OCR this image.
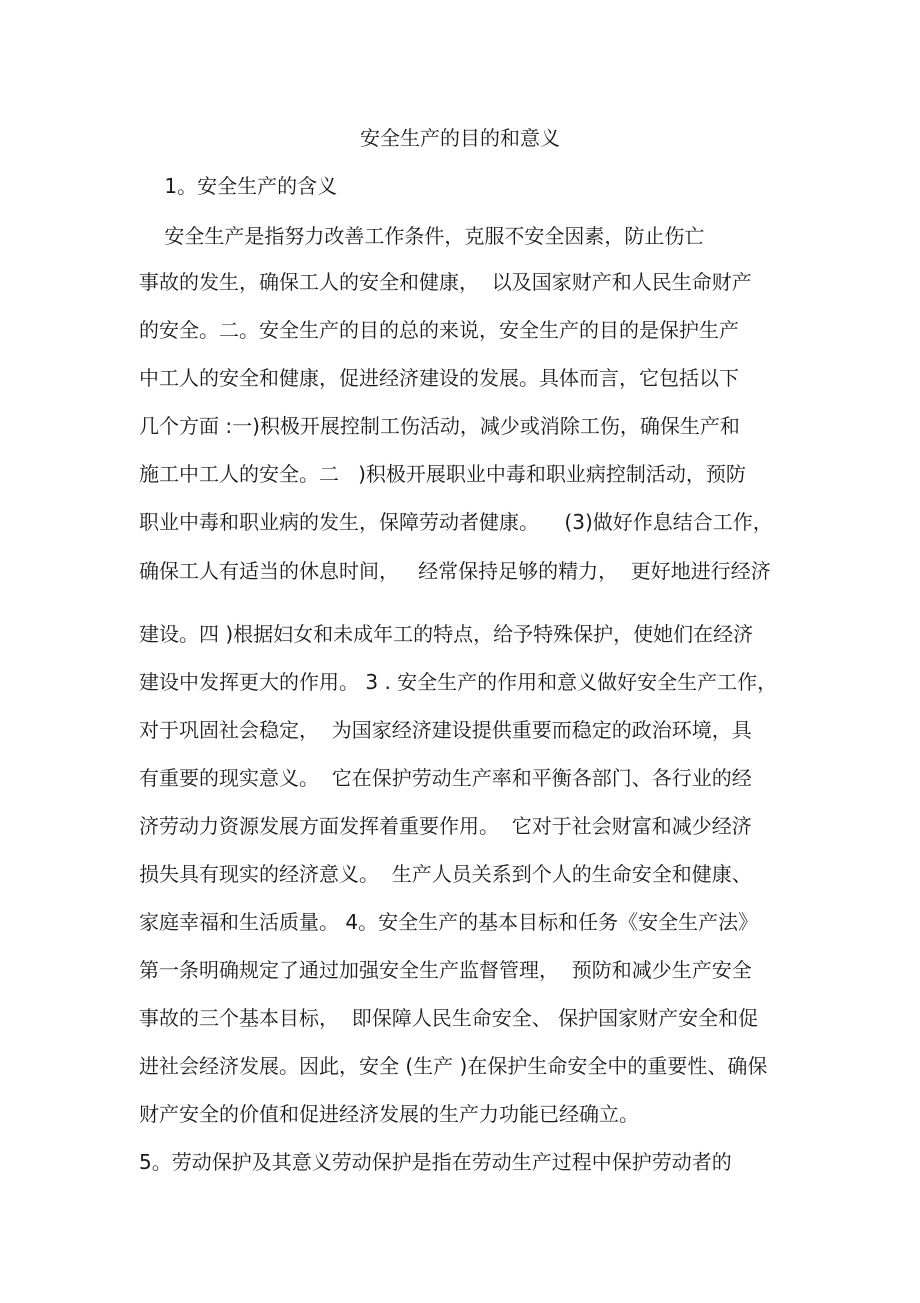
安全生产的目的和意义
1。安全生产的含义
安全生产是指努力改善工作条件，克服不安全因素，防止伤亡
事故的发生，确保工人的安全和健康，  以及国家财产和人民生命财产
的安全。二。安全生产的目的总的来说，安全生产的目的是保护生产
中工人的安全和健康，促进经济建设的发展。具体而言，它包括以下
几个方面 :一)积极开展控制工伤活动，减少或消除工伤，确保生产和
施工中工人的安全。二   )积极开展职业中毒和职业病控制活动，预防
职业中毒和职业病的发生，保障劳动者健康。    (3)做好作息结合工作，
确保工人有适当的休息时间，   经常保持足够的精力，  更好地进行经济
建设。四 )根据妇女和未成年工的特点，给予特殊保护，使她们在经济
建设中发挥更大的作用。 3 . 安全生产的作用和意义做好安全生产工作，
对于巩固社会稳定，  为国家经济建设提供重要而稳定的政治环境，具
有重要的现实意义。  它在保护劳动生产率和平衡各部门、各行业的经
济劳动力资源发展方面发挥着重要作用。  它对于社会财富和减少经济
损失具有现实的经济意义。  生产人员关系到个人的生命安全和健康、
家庭幸福和生活质量。 4。安全生产的基本目标和任务《安全生产法》
第一条明确规定了通过加强安全生产监督管理，  预防和减少生产安全
事故的三个基本目标，  即保障人民生命安全、 保护国家财产安全和促
进社会经济发展。因此，安全 (生产 )在保护生命安全中的重要性、确保
财产安全的价值和促进经济发展的生产力功能已经确立。
5。劳动保护及其意义劳动保护是指在劳动生产过程中保护劳动者的
